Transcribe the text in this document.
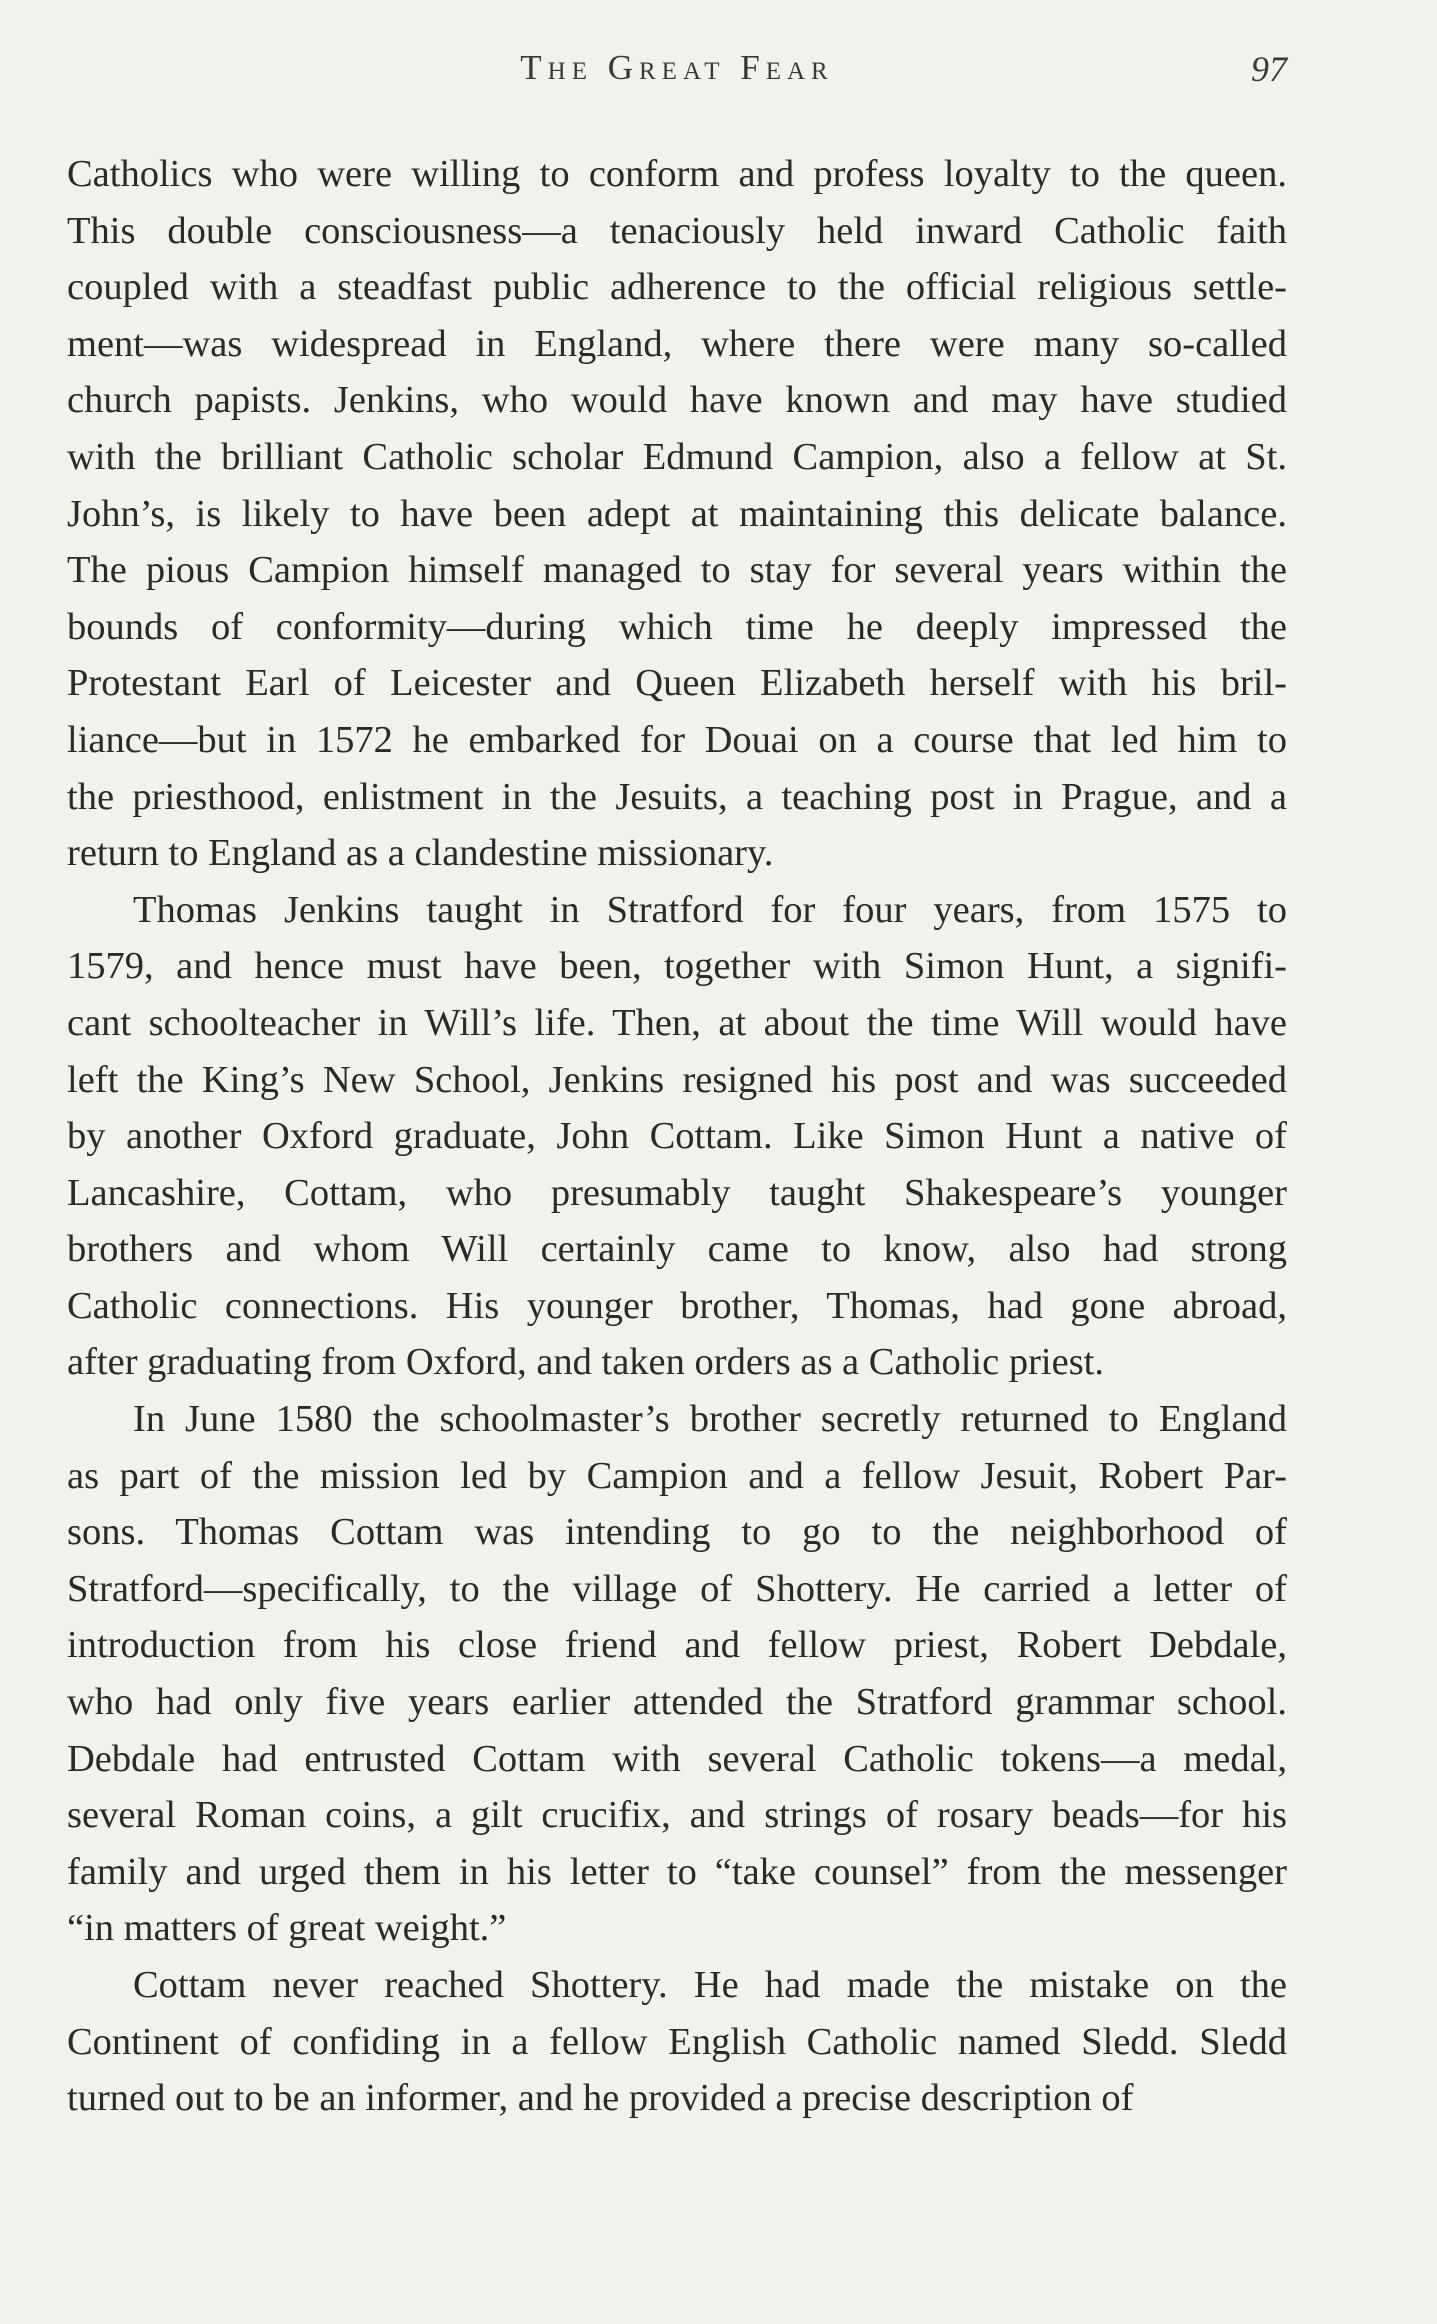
The Great Fear	97
Catholics who were willing to conform and profess loyalty to the queen.
This double consciousness—a tenaciously held inward Catholic faith
coupled with a steadfast public adherence to the official religious settle-
ment—was widespread in England, where there were many so-called
church papists. Jenkins, who would have known and may have studied
with the brilliant Catholic scholar Edmund Campion, also a fellow at St.
John’s, is likely to have been adept at maintaining this delicate balance.
The pious Campion himself managed to stay for several years within the
bounds of conformity—during which time he deeply impressed the
Protestant Earl of Leicester and Queen Elizabeth herself with his bril-
liance—but in 1572 he embarked for Douai on a course that led him to
the priesthood, enlistment in the Jesuits, a teaching post in Prague, and a
return to England as a clandestine missionary.
Thomas Jenkins taught in Stratford for four years, from 1575 to
1579, and hence must have been, together with Simon Hunt, a signifi-
cant schoolteacher in Will’s life. Then, at about the time Will would have
left the King’s New School, Jenkins resigned his post and was succeeded
by another Oxford graduate, John Cottam. Like Simon Hunt a native of
Lancashire, Cottam, who presumably taught Shakespeare’s younger
brothers and whom Will certainly came to know, also had strong
Catholic connections. His younger brother, Thomas, had gone abroad,
after graduating from Oxford, and taken orders as a Catholic priest.
In June 1580 the schoolmaster’s brother secretly returned to England
as part of the mission led by Campion and a fellow Jesuit, Robert Par-
sons. Thomas Cottam was intending to go to the neighborhood of
Stratford—specifically, to the village of Shottery. He carried a letter of
introduction from his close friend and fellow priest, Robert Debdale,
who had only five years earlier attended the Stratford grammar school.
Debdale had entrusted Cottam with several Catholic tokens—a medal,
several Roman coins, a gilt crucifix, and strings of rosary beads—for his
family and urged them in his letter to “take counsel” from the messenger
“in matters of great weight.”
Cottam never reached Shottery. He had made the mistake on the
Continent of confiding in a fellow English Catholic named Sledd. Sledd
turned out to be an informer, and he provided a precise description of
